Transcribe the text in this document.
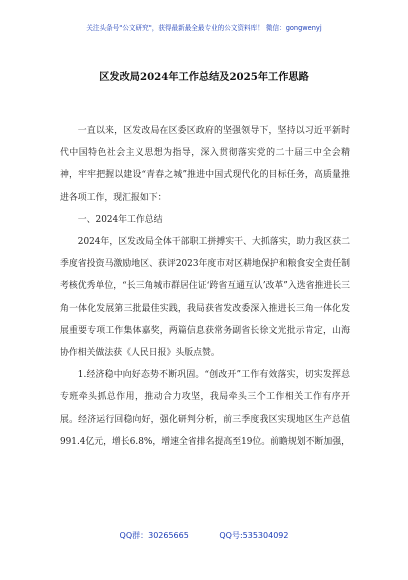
关注头条号"公文研究"，获得最新最全最专业的公文资料库！ 微信：gongwenyj
区发改局2024年工作总结及2025年工作思路

一直以来，区发改局在区委区政府的坚强领导下，坚持以习近平新时代中国特色社会主义思想为指导，深入贯彻落实党的二十届三中全会精神，牢牢把握以建设“青春之城”推进中国式现代化的目标任务，高质量推进各项工作，现汇报如下：

一、2024年工作总结

2024年，区发改局全体干部职工拼搏实干、大抓落实，助力我区获二季度省投资马激励地区、获评2023年度市对区耕地保护和粮食安全责任制考核优秀单位，“长三角城市群居住证‘跨省互通互认’改革”入选省推进长三角一体化发展第三批最佳实践，我局获省发改委深入推进长三角一体化发展重要专项工作集体嘉奖，两篇信息获常务副省长徐文光批示肯定，山海协作相关做法获《人民日报》头版点赞。

1.经济稳中向好态势不断巩固。“创改开”工作有效落实，切实发挥总专班牵头抓总作用，推动合力攻坚，我局牵头三个工作相关工作有序开展。经济运行回稳向好，强化研判分析，前三季度我区实现地区生产总值991.4亿元，增长6.8%，增速全省排名提高至19位。前瞻规划不断加强，

QQ群：30265665	QQ号:535304092
